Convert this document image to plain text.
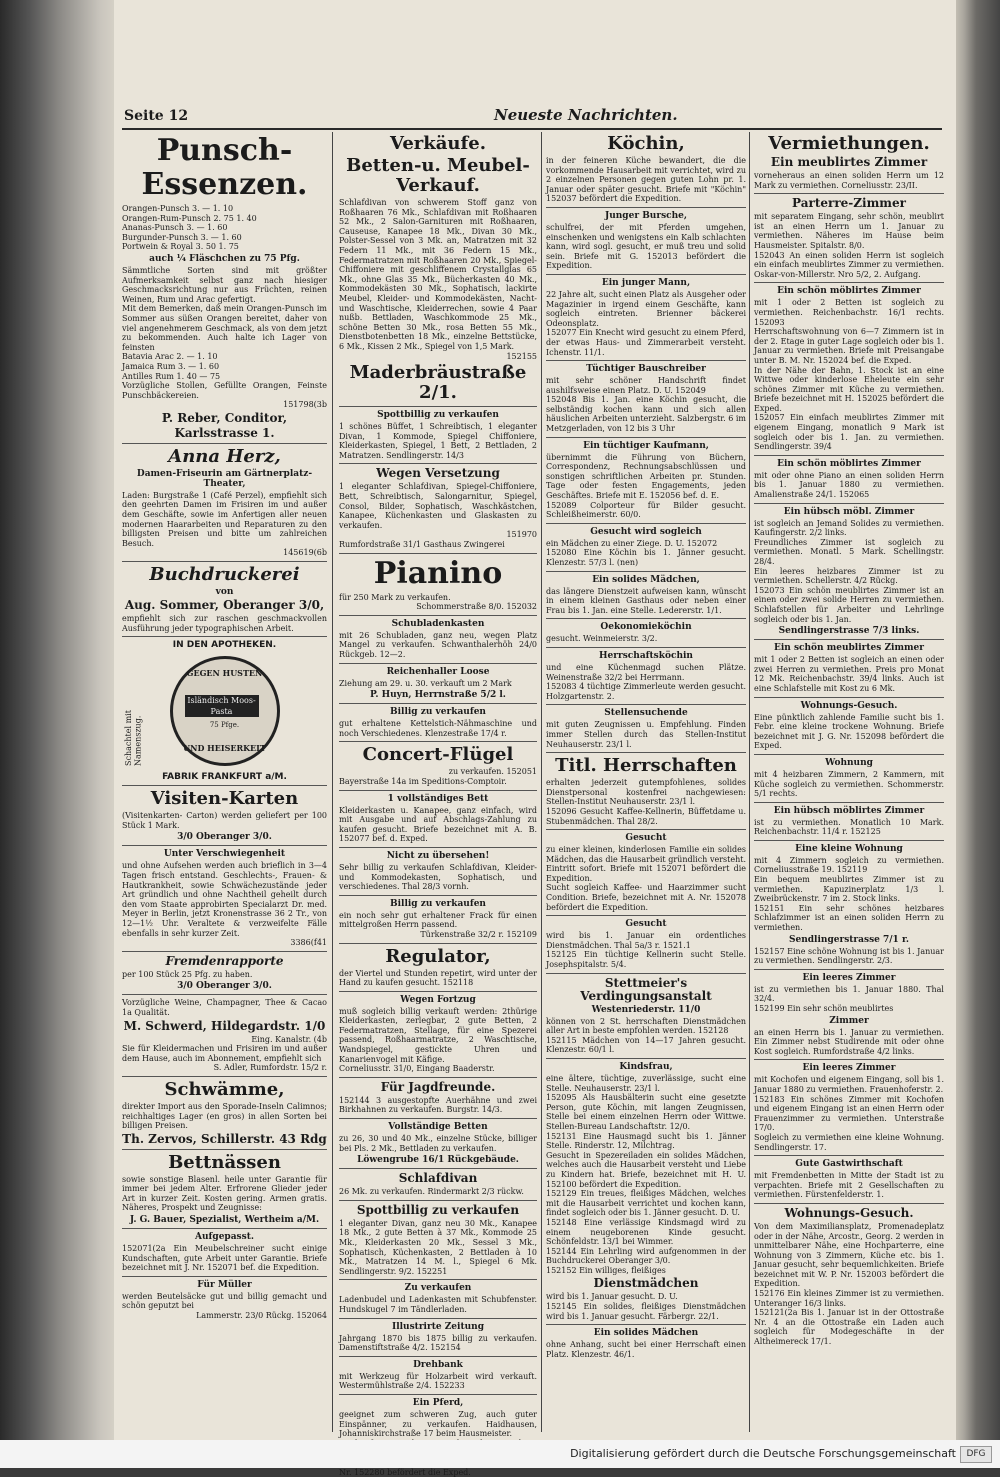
Seite 12	Neueste Nachrichten.
Punsch-Essenzen.
Orangen-Punsch 3. — 1. 10
Orangen-Rum-Punsch 2. 75 1. 40
Ananas-Punsch 3. — 1. 60
Burgunder-Punsch 3. — 1. 60
Portwein & Royal 3. 50 1. 75
auch ¼ Fläschchen zu 75 Pfg.

Sämmtliche Sorten sind mit größter Aufmerksamkeit selbst ganz nach hiesiger Geschmacksrichtung nur aus Früchten, reinen Weinen, Rum und Arac gefertigt.

Mit dem Bemerken, daß mein Orangen-Punsch im Sommer aus süßen Orangen bereitet, daher von viel angenehmerem Geschmack, als von dem jetzt zu bekommenden. Auch halte ich Lager von feinsten

Batavia Arac 2. — 1. 10
Jamaica Rum 3. — 1. 60
Antilles Rum 1. 40 — 75

Vorzügliche Stollen, Gefüllte Orangen, Feinste Punschbäckereien.

151798(3b
P. Reber, Conditor,
Karlsstrasse 1.
Anna Herz,
Damen-Friseurin am Gärtnerplatz-Theater,

Laden: Burgstraße 1 (Café Perzel), empfiehlt sich den geehrten Damen im Frisiren im und außer dem Geschäfte, sowie im Anfertigen aller neuen modernen Haararbeiten und Reparaturen zu den billigsten Preisen und bitte um zahlreichen Besuch.

145619(6b
Buchdruckerei
von
Aug. Sommer, Oberanger 3/0,

empfiehlt sich zur raschen geschmackvollen Ausführung jeder typographischen Arbeit.

IN DEN APOTHEKEN.
Schachtel mit Namenszug.
GEGEN HUSTEN
Isländisch Moos-Pasta
75 Pfge.
UND HEISERKEIT
FABRIK FRANKFURT a/M.
Visiten-Karten

(Visitenkarten- Carton) werden geliefert per 100 Stück 1 Mark.

3/0 Oberanger 3/0.
Unter Verschwiegenheit

und ohne Aufsehen werden auch brieflich in 3—4 Tagen frisch entstand. Geschlechts-, Frauen- & Hautkrankheit, sowie Schwächezustände jeder Art gründlich und ohne Nachtheil geheilt durch den vom Staate approbirten Specialarzt Dr. med. Meyer in Berlin, jetzt Kronenstrasse 36 2 Tr., von 12—1½ Uhr. Veraltete & verzweifelte Fälle ebenfalls in sehr kurzer Zeit.

3386(f41
Fremdenrapporte

per 100 Stück 25 Pfg. zu haben.

3/0 Oberanger 3/0.

Vorzügliche Weine, Champagner, Thee & Cacao 1a Qualität.

M. Schwerd, Hildegardstr. 1/0
Eing. Kanalstr. (4b

Sie für Kleidermachen und Frisiren im und außer dem Hause, auch im Abonnement, empfiehlt sich

S. Adler, Rumfordstr. 15/2 r.
Schwämme,

direkter Import aus den Sporade-Inseln Calimnos; reichhaltiges Lager (en gros) in allen Sorten bei billigen Preisen.

Th. Zervos, Schillerstr. 43 Rdg
Bettnässen

sowie sonstige Blasenl. heile unter Garantie für immer bei jedem Alter. Erfrorene Glieder jeder Art in kurzer Zeit. Kosten gering. Armen gratis. Näheres, Prospekt und Zeugnisse:

J. G. Bauer, Spezialist, Wertheim a/M.
Aufgepasst.

152071(2a Ein Meubelschreiner sucht einige Kundschaften, gute Arbeit unter Garantie. Briefe bezeichnet mit J. Nr. 152071 bef. die Expedition.

Für Müller

werden Beutelsäcke gut und billig gemacht und schön geputzt bei

Lammerstr. 23/0 Rückg. 152064
Verkäufe.
Betten-u. Meubel-Verkauf.

Schlafdivan von schwerem Stoff ganz von Roßhaaren 76 Mk., Schlafdivan mit Roßhaaren 52 Mk., 2 Salon-Garnituren mit Roßhaaren, Causeuse, Kanapee 18 Mk., Divan 30 Mk., Polster-Sessel von 3 Mk. an, Matratzen mit 32 Federn 11 Mk., mit 36 Federn 15 Mk., Federmatratzen mit Roßhaaren 20 Mk., Spiegel-Chiffoniere mit geschliffenem Crystallglas 65 Mk., ohne Glas 35 Mk., Bücherkasten 40 Mk., Kommodekästen 30 Mk., Sophatisch, lackirte Meubel, Kleider- und Kommodekästen, Nacht- und Waschtische, Kleiderrechen, sowie 4 Paar nußb. Bettladen, Waschkommode 25 Mk., schöne Betten 30 Mk., rosa Betten 55 Mk., Dienstbotenbetten 18 Mk., einzelne Bettstücke, 6 Mk., Kissen 2 Mk., Spiegel von 1,5 Mark.

152155
Maderbräustraße 2/1.
Spottbillig zu verkaufen

1 schönes Büffet, 1 Schreibtisch, 1 eleganter Divan, 1 Kommode, Spiegel Chiffoniere, Kleiderkasten, Spiegel, 1 Bett, 2 Bettladen, 2 Matratzen. Sendlingerstr. 14/3

Wegen Versetzung

1 eleganter Schlafdivan, Spiegel-Chiffoniere, Bett, Schreibtisch, Salongarnitur, Spiegel, Consol, Bilder, Sophatisch, Waschkästchen, Kanapee, Küchenkasten und Glaskasten zu verkaufen.

151970

Rumfordstraße 31/1 Gasthaus Zwingerei

Pianino

für 250 Mark zu verkaufen.

Schommerstraße 8/0. 152032
Schubladenkasten

mit 26 Schubladen, ganz neu, wegen Platz Mangel zu verkaufen. Schwanthalerhöh 24/0 Rückgeb. 12—2.

Reichenhaller Loose

Ziehung am 29. u. 30. verkauft um 2 Mark

P. Huyn, Herrnstraße 5/2 l.
Billig zu verkaufen

gut erhaltene Kettelstich-Nähmaschine und noch Verschiedenes. Klenzestraße 17/4 r.

Concert-Flügel
zu verkaufen. 152051

Bayerstraße 14a im Speditions-Comptoir.

1 vollständiges Bett

Kleiderkasten u. Kanapee, ganz einfach, wird mit Ausgabe und auf Abschlags-Zahlung zu kaufen gesucht. Briefe bezeichnet mit A. B. 152077 bef. d. Exped.

Nicht zu übersehen!

Sehr billig zu verkaufen Schlafdivan, Kleider- und Kommodekasten, Sophatisch, und verschiedenes. Thal 28/3 vornh.

Billig zu verkaufen

ein noch sehr gut erhaltener Frack für einen mittelgroßen Herrn passend.

Türkenstraße 32/2 r. 152109
Regulator,

der Viertel und Stunden repetirt, wird unter der Hand zu kaufen gesucht. 152118

Wegen Fortzug

muß sogleich billig verkauft werden: 2thürige Kleiderkasten, zerlegbar, 2 gute Betten, 2 Federmatratzen, Stellage, für eine Spezerei passend, Roßhaarmatratze, 2 Waschtische, Wandspiegel, gestickte Uhren und Kanarienvogel mit Käfige.

Corneliusstr. 31/0, Eingang Baaderstr.

Für Jagdfreunde.

152144 3 ausgestopfte Auerhähne und zwei Birkhahnen zu verkaufen. Burgstr. 14/3.

Vollständige Betten

zu 26, 30 und 40 Mk., einzelne Stücke, billiger bei Pls. 2 Mk., Bettladen zu verkaufen.

Löwengrube 16/1 Rückgebäude.
Schlafdivan

26 Mk. zu verkaufen. Rindermarkt 2/3 rückw.

Spottbillig zu verkaufen

1 eleganter Divan, ganz neu 30 Mk., Kanapee 18 Mk., 2 gute Betten à 37 Mk., Kommode 25 Mk., Kleiderkasten 20 Mk., Sessel 3 Mk., Sophatisch, Küchenkasten, 2 Bettladen à 10 Mk., Matratzen 14 M. l., Spiegel 6 Mk. Sendlingerstr. 9/2. 152251

Zu verkaufen

Ladenbudel und Ladenkasten mit Schubfenster. Hundskugel 7 im Tändlerladen.

Illustrirte Zeitung

Jahrgang 1870 bis 1875 billig zu verkaufen. Damenstiftstraße 4/2. 152154

Drehbank

mit Werkzeug für Holzarbeit wird verkauft. Westermühlstraße 2/4. 152233

Ein Pferd,

geeignet zum schweren Zug, auch guter Einspänner, zu verkaufen. Haidhausen, Johanniskirchstraße 17 beim Hausmeister.

Nr. 152280 befördert die Exped.

Köchin,

in der feineren Küche bewandert, die die vorkommende Hausarbeit mit verrichtet, wird zu 2 einzelnen Personen gegen guten Lohn pr. 1. Januar oder später gesucht. Briefe mit "Köchin" 152037 befördert die Expedition.

Junger Bursche,

schulfrei, der mit Pferden umgehen, einschenken und wenigstens ein Kalb schlachten kann, wird sogl. gesucht, er muß treu und solid sein. Briefe mit G. 152013 befördert die Expedition.

Ein junger Mann,

22 Jahre alt, sucht einen Platz als Ausgeher oder Magazinier in irgend einem Geschäfte, kann sogleich eintreten. Brienner bäckerei Odeonsplatz.

152077 Ein Knecht wird gesucht zu einem Pferd, der etwas Haus- und Zimmerarbeit versteht. Ichenstr. 11/1.

Tüchtiger Bauschreiber

mit sehr schöner Handschrift findet aushilfsweise einen Platz. D. U. 152049

152048 Bis 1. Jan. eine Köchin gesucht, die selbständig kochen kann und sich allen häuslichen Arbeiten unterzieht. Salzbergstr. 6 im Metzgerladen, von 12 bis 3 Uhr

Ein tüchtiger Kaufmann,

übernimmt die Führung von Büchern, Correspondenz, Rechnungsabschlüssen und sonstigen schriftlichen Arbeiten pr. Stunden. Tage oder festen Engagements, jeden Geschäftes. Briefe mit E. 152056 bef. d. E.

152089 Colporteur für Bilder gesucht. Schleißheimerstr. 60/0.

Gesucht wird sogleich

ein Mädchen zu einer Ziege. D. U. 152072

152080 Eine Köchin bis 1. Jänner gesucht. Klenzestr. 57/3 l. (nen)

Ein solides Mädchen,

das längere Dienstzeit aufweisen kann, wünscht in einem kleinen Gasthaus oder neben einer Frau bis 1. Jan. eine Stelle. Ledererstr. 1/1.

Oekonomieköchin

gesucht. Weinmeierstr. 3/2.

Herrschaftsköchin

und eine Küchenmagd suchen Plätze. Weinenstraße 32/2 bei Herrmann.

152083 4 tüchtige Zimmerleute werden gesucht. Holzgartenstr. 2.

Stellensuchende

mit guten Zeugnissen u. Empfehlung. Finden immer Stellen durch das Stellen-Institut Neuhauserstr. 23/1 l.

Titl. Herrschaften

erhalten jederzeit gutempfohlenes, solides Dienstpersonal kostenfrei nachgewiesen: Stellen-Institut Neuhauserstr. 23/1 l.

152096 Gesucht Kaffee-Kellnerin, Büffetdame u. Stubenmädchen. Thal 28/2.

Gesucht

zu einer kleinen, kinderlosen Familie ein solides Mädchen, das die Hausarbeit gründlich versteht. Eintritt sofort. Briefe mit 152071 befördert die Expedition.

Sucht sogleich Kaffee- und Haarzimmer sucht Condition. Briefe, bezeichnet mit A. Nr. 152078 befördert die Expedition.

Gesucht

wird bis 1. Januar ein ordentliches Dienstmädchen. Thal 5a/3 r. 1521.1

152125 Ein tüchtige Kellnerin sucht Stelle. Josephspitalstr. 5/4.

Stettmeier's Verdingungsanstalt
Westenriederstr. 11/0

können von 2 St. herrschaften Dienstmädchen aller Art in beste empfohlen werden. 152128

152115 Mädchen von 14—17 Jahren gesucht. Klenzestr. 60/1 l.

Kindsfrau,

eine ältere, tüchtige, zuverlässige, sucht eine Stelle. Neuhauserstr. 23/1 l.

152095 Als Hausbälterin sucht eine gesetzte Person, gute Köchin, mit langen Zeugnissen, Stelle bei einem einzelnen Herrn oder Wittwe. Stellen-Bureau Landschaftstr. 12/0.

152131 Eine Hausmagd sucht bis 1. Jänner Stelle. Rinderstr. 12, Milchtrag.

Gesucht in Spezereiladen ein solides Mädchen, welches auch die Hausarbeit versteht und Liebe zu Kindern hat. Briefe, bezeichnet mit H. U. 152100 befördert die Expedition.

152129 Ein treues, fleißiges Mädchen, welches mit die Hausarbeit verrichtet und kochen kann, findet sogleich oder bis 1. Jänner gesucht. D. U.

152148 Eine verlässige Kindsmagd wird zu einem neugeborenen Kinde gesucht. Schönfeldstr. 13/1 bei Wimmer.

152144 Ein Lehrling wird aufgenommen in der Buchdruckerei Oberanger 3/0.

152152 Ein williges, fleißiges

Dienstmädchen

wird bis 1. Januar gesucht. D. U.

152145 Ein solides, fleißiges Dienstmädchen wird bis 1. Januar gesucht. Färbergr. 22/1.

Ein solides Mädchen

ohne Anhang, sucht bei einer Herrschaft einen Platz. Klenzestr. 46/1.

Vermiethungen.
Ein meublirtes Zimmer

vorneheraus an einen soliden Herrn um 12 Mark zu vermiethen. Corneliusstr. 23/II.

Parterre-Zimmer

mit separatem Eingang, sehr schön, meublirt ist an einen Herrn um 1. Januar zu vermiethen. Näheres im Hause beim Hausmeister. Spitalstr. 8/0.

152043 An einen soliden Herrn ist sogleich ein einfach meublirtes Zimmer zu vermiethen. Oskar-von-Millerstr. Nro 5/2, 2. Aufgang.

Ein schön möblirtes Zimmer

mit 1 oder 2 Betten ist sogleich zu vermiethen. Reichenbachstr. 16/1 rechts. 152093

Herrschaftswohnung von 6—7 Zimmern ist in der 2. Etage in guter Lage sogleich oder bis 1. Januar zu vermiethen. Briefe mit Preisangabe unter B. M. Nr. 152024 bef. die Exped.

In der Nähe der Bahn, 1. Stock ist an eine Wittwe oder kinderlose Eheleute ein sehr schönes Zimmer mit Küche zu vermiethen. Briefe bezeichnet mit H. 152025 befördert die Exped.

152057 Ein einfach meublirtes Zimmer mit eigenem Eingang, monatlich 9 Mark ist sogleich oder bis 1. Jan. zu vermiethen. Sendlingerstr. 39/4

Ein schön möblirtes Zimmer

mit oder ohne Piano an einen soliden Herrn bis 1. Januar 1880 zu vermiethen. Amalienstraße 24/1. 152065

Ein hübsch möbl. Zimmer

ist sogleich an Jemand Solides zu vermiethen. Kaufingerstr. 2/2 links.

Freundliches Zimmer ist sogleich zu vermiethen. Monatl. 5 Mark. Schellingstr. 28/4.

Ein leeres heizbares Zimmer ist zu vermiethen. Schellerstr. 4/2 Rückg.

152073 Ein schön meublirtes Zimmer ist an einen oder zwei solide Herren zu vermiethen. Schlafstellen für Arbeiter und Lehrlinge sogleich oder bis 1. Jan.

Sendlingerstrasse 7/3 links.
Ein schön meublirtes Zimmer

mit 1 oder 2 Betten ist sogleich an einen oder zwei Herren zu vermiethen. Preis pro Monat 12 Mk. Reichenbachstr. 39/4 links. Auch ist eine Schlafstelle mit Kost zu 6 Mk.

Wohnungs-Gesuch.

Eine pünktlich zahlende Familie sucht bis 1. Febr. eine kleine trockene Wohnung. Briefe bezeichnet mit J. G. Nr. 152098 befördert die Exped.

Wohnung

mit 4 heizbaren Zimmern, 2 Kammern, mit Küche sogleich zu vermiethen. Schommerstr. 5/1 rechts.

Ein hübsch möblirtes Zimmer

ist zu vermiethen. Monatlich 10 Mark. Reichenbachstr. 11/4 r. 152125

Eine kleine Wohnung

mit 4 Zimmern sogleich zu vermiethen. Corneliusstraße 19. 152119

Ein bequem meublirtes Zimmer ist zu vermiethen. Kapuzinerplatz 1/3 l. Zweibrückenstr. 7 im 2. Stock links.

152151 Ein sehr schönes heizbares Schlafzimmer ist an einen soliden Herrn zu vermiethen.

Sendlingerstrasse 7/1 r.

152157 Eine schöne Wohnung ist bis 1. Januar zu vermiethen. Sendlingerstr. 2/3.

Ein leeres Zimmer

ist zu vermiethen bis 1. Januar 1880. Thal 32/4.

152199 Ein sehr schön meublirtes

Zimmer

an einen Herrn bis 1. Januar zu vermiethen. Ein Zimmer nebst Studirende mit oder ohne Kost sogleich. Rumfordstraße 4/2 links.

Ein leeres Zimmer

mit Kochofen und eigenem Eingang, soll bis 1. Januar 1880 zu vermiethen. Frauenhoferstr. 2.

152183 Ein schönes Zimmer mit Kochofen und eigenem Eingang ist an einen Herrn oder Frauenzimmer zu vermiethen. Unterstraße 17/0.

Sogleich zu vermiethen eine kleine Wohnung. Sendlingerstr. 17.

Gute Gastwirthschaft

mit Fremdenbetten in Mitte der Stadt ist zu verpachten. Briefe mit 2 Gesellschaften zu vermiethen. Fürstenfelderstr. 1.

Wohnungs-Gesuch.

Von dem Maximiliansplatz, Promenadeplatz oder in der Nähe, Arcostr., Georg. 2 werden in unmittelbarer Nähe, eine Hochparterre, eine Wohnung von 3 Zimmern, Küche etc. bis 1. Januar gesucht, sehr bequemlichkeiten. Briefe bezeichnet mit W. P. Nr. 152003 befördert die Expedition.

152176 Ein kleines Zimmer ist zu vermiethen. Unteranger 16/3 links.

152121(2a Bis 1. Januar ist in der Ottostraße Nr. 4 an die Ottostraße ein Laden auch sogleich für Modegeschäfte in der Altheimereck 17/1.

Digitalisierung gefördert durch die Deutsche Forschungsgemeinschaft	DFG
